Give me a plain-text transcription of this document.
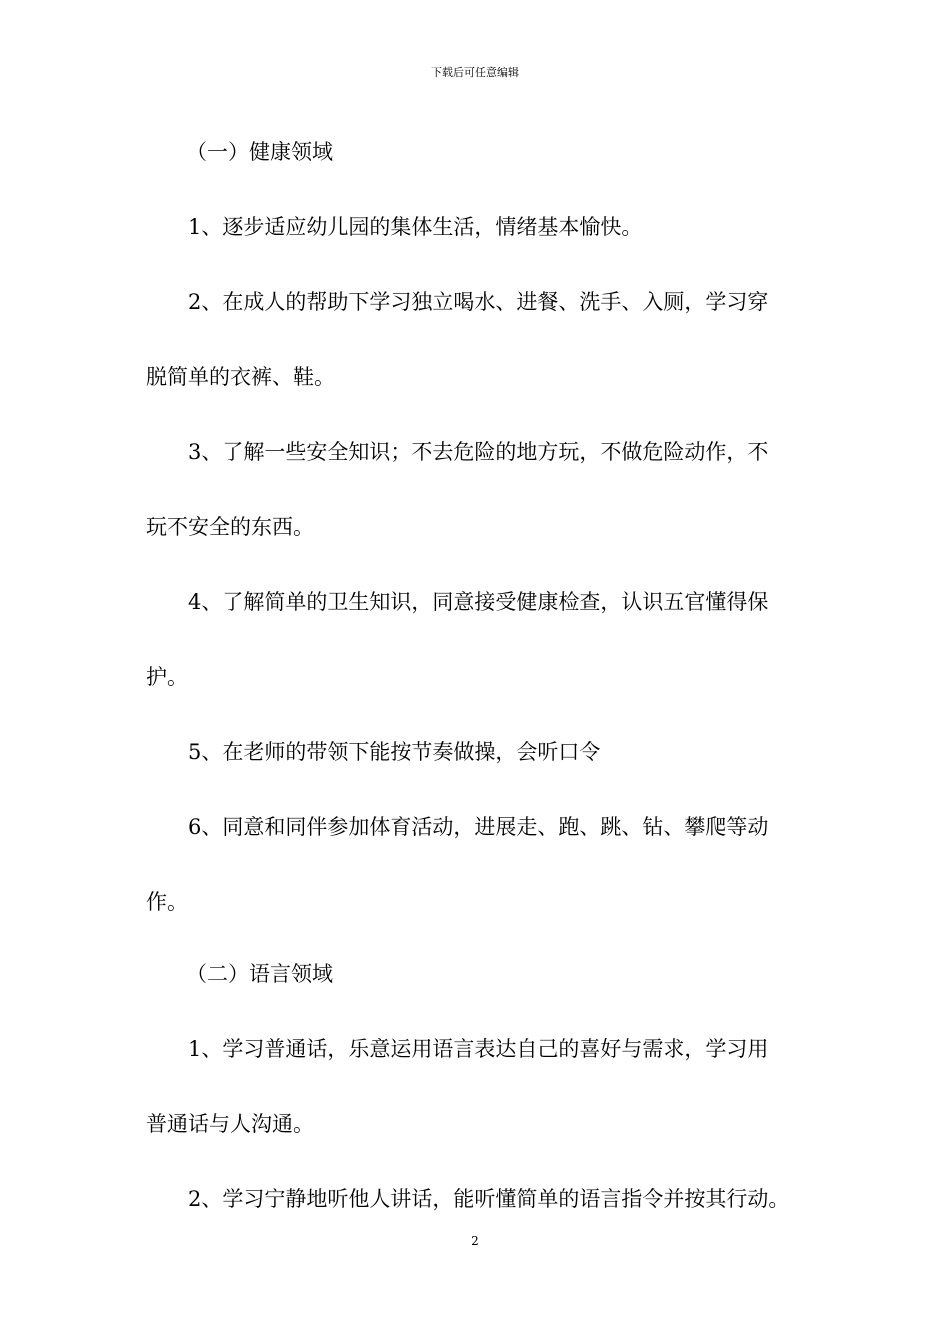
下载后可任意编辑
（一）健康领域
1、逐步适应幼儿园的集体生活，情绪基本愉快。
2、在成人的帮助下学习独立喝水、进餐、洗手、入厕，学习穿
脱简单的衣裤、鞋。
3、了解一些安全知识；不去危险的地方玩，不做危险动作，不
玩不安全的东西。
4、了解简单的卫生知识，同意接受健康检查，认识五官懂得保
护。
5、在老师的带领下能按节奏做操，会听口令
6、同意和同伴参加体育活动，进展走、跑、跳、钻、攀爬等动
作。
（二）语言领域
1、学习普通话，乐意运用语言表达自己的喜好与需求，学习用
普通话与人沟通。
2、学习宁静地听他人讲话，能听懂简单的语言指令并按其行动。
2
